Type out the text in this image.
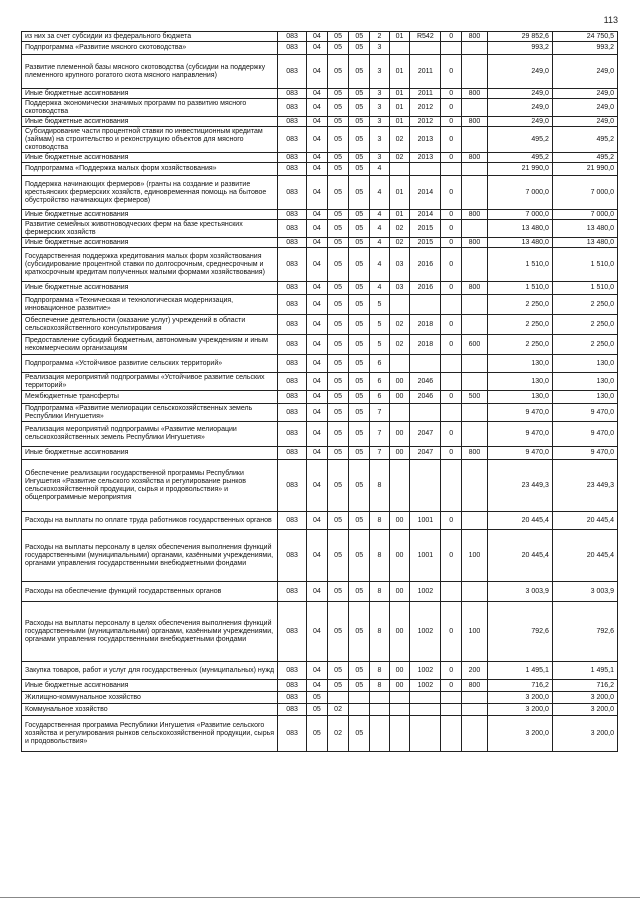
113
из них за счет субсидии из федерального бюджета	083	04	05	05	2	01	R542	0	800	29 852,6	24 750,5
Подпрограмма «Развитие мясного скотоводства»	083	04	05	05	3					993,2	993,2
Развитие племенной базы мясного скотоводства (субсидии на поддержку племенного крупного рогатого скота мясного направления)	083	04	05	05	3	01	2011	0		249,0	249,0
Иные бюджетные ассигнования	083	04	05	05	3	01	2011	0	800	249,0	249,0
Поддержка экономически значимых программ по развитию мясного скотоводства	083	04	05	05	3	01	2012	0		249,0	249,0
Иные бюджетные ассигнования	083	04	05	05	3	01	2012	0	800	249,0	249,0
Субсидирование части процентной ставки по инвестиционным кредитам (займам) на строительство и реконструкцию объектов для мясного скотоводства	083	04	05	05	3	02	2013	0		495,2	495,2
Иные бюджетные ассигнования	083	04	05	05	3	02	2013	0	800	495,2	495,2
Подпрограмма «Поддержка малых форм хозяйствования»	083	04	05	05	4					21 990,0	21 990,0
Поддержка начинающих фермеров» (гранты на создание и развитие крестьянских фермерских хозяйств, единовременная помощь на бытовое обустройство начинающих фермеров)	083	04	05	05	4	01	2014	0		7 000,0	7 000,0
Иные бюджетные ассигнования	083	04	05	05	4	01	2014	0	800	7 000,0	7 000,0
Развитие семейных животноводческих ферм на базе крестьянских фермерских хозяйств	083	04	05	05	4	02	2015	0		13 480,0	13 480,0
Иные бюджетные ассигнования	083	04	05	05	4	02	2015	0	800	13 480,0	13 480,0
Государственная поддержка кредитования малых форм хозяйствования (субсидирование процентной ставки по долгосрочным, среднесрочным и краткосрочным кредитам полученных малыми формами хозяйствования)	083	04	05	05	4	03	2016	0		1 510,0	1 510,0
Иные бюджетные ассигнования	083	04	05	05	4	03	2016	0	800	1 510,0	1 510,0
Подпрограмма «Техническая и технологическая модернизация, инновационное развитие»	083	04	05	05	5					2 250,0	2 250,0
Обеспечение деятельности (оказание услуг) учреждений в области сельскохозяйственного консультирования	083	04	05	05	5	02	2018	0		2 250,0	2 250,0
Предоставление субсидий бюджетным, автономным учреждениям и иным некоммерческим организациям	083	04	05	05	5	02	2018	0	600	2 250,0	2 250,0
Подпрограмма «Устойчивое развитие сельских территорий»	083	04	05	05	6					130,0	130,0
Реализация мероприятий подпрограммы «Устойчивое развитие сельских территорий»	083	04	05	05	6	00	2046			130,0	130,0
Межбюджетные трансферты	083	04	05	05	6	00	2046	0	500	130,0	130,0
Подпрограмма «Развитие мелиорации сельскохозяйственных земель Республики Ингушетия»	083	04	05	05	7					9 470,0	9 470,0
Реализация мероприятий подпрограммы «Развитие мелиорации сельскохозяйственных земель Республики Ингушетия»	083	04	05	05	7	00	2047	0		9 470,0	9 470,0
Иные бюджетные ассигнования	083	04	05	05	7	00	2047	0	800	9 470,0	9 470,0
Обеспечение реализации государственной программы Республики Ингушетия «Развитие сельского хозяйства и регулирование рынков сельскохозяйственной продукции, сырья и продовольствия» и общепрограммные мероприятия	083	04	05	05	8					23 449,3	23 449,3
Расходы на выплаты по оплате труда работников государственных органов	083	04	05	05	8	00	1001	0		20 445,4	20 445,4
Расходы на выплаты персоналу в целях обеспечения выполнения функций государственными (муниципальными) органами, казёнными учреждениями, органами управления государственными внебюджетными фондами	083	04	05	05	8	00	1001	0	100	20 445,4	20 445,4
Расходы на обеспечение функций государственных органов	083	04	05	05	8	00	1002			3 003,9	3 003,9
Расходы на выплаты персоналу в целях обеспечения выполнения функций государственными (муниципальными) органами, казёнными учреждениями, органами управления государственными внебюджетными фондами	083	04	05	05	8	00	1002	0	100	792,6	792,6
Закупка товаров, работ и услуг для государственных (муниципальных) нужд	083	04	05	05	8	00	1002	0	200	1 495,1	1 495,1
Иные бюджетные ассигнования	083	04	05	05	8	00	1002	0	800	716,2	716,2
Жилищно-коммунальное хозяйство	083	05								3 200,0	3 200,0
Коммунальное хозяйство	083	05	02							3 200,0	3 200,0
Государственная программа Республики Ингушетия «Развитие сельского хозяйства и регулирования рынков сельскохозяйственной продукции, сырья и продовольствия»	083	05	02	05						3 200,0	3 200,0
